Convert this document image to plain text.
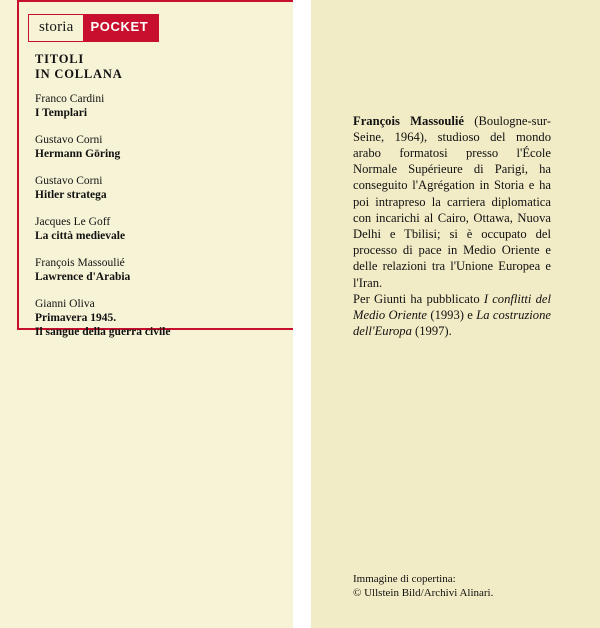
storia	POCKET
TITOLI
IN COLLANA
Franco Cardini
I Templari
Gustavo Corni
Hermann Göring
Gustavo Corni
Hitler stratega
Jacques Le Goff
La città medievale
François Massoulié
Lawrence d'Arabia
Gianni Oliva
Primavera 1945.
Il sangue della guerra civile

François Massoulié (Boulogne-sur-Seine, 1964), studioso del mondo arabo formatosi presso l'École Normale Supérieure di Parigi, ha conseguito l'Agrégation in Storia e ha poi intrapreso la carriera diplomatica con incarichi al Cairo, Ottawa, Nuova Delhi e Tbilisi; si è occupato del processo di pace in Medio Oriente e delle relazioni tra l'Unione Europea e l'Iran.
Per Giunti ha pubblicato I conflitti del Medio Oriente (1993) e La costruzione dell'Europa (1997).

Immagine di copertina:
© Ullstein Bild/Archivi Alinari.
